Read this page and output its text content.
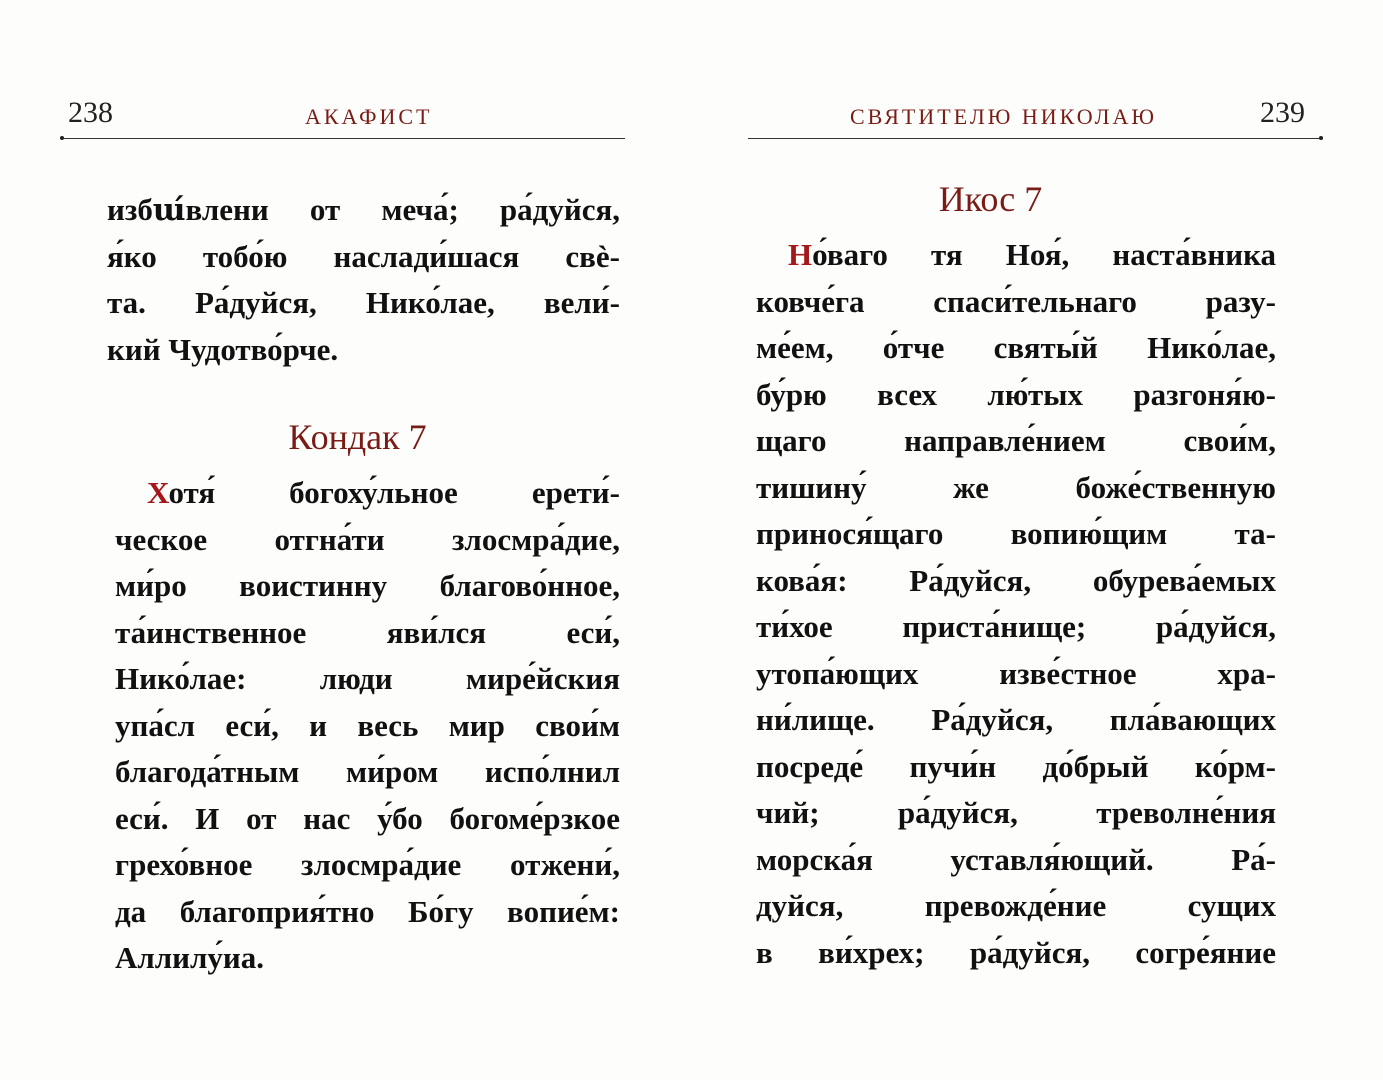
238	АКАФИСТ
избա́влени от меча́; ра́дуйся,
я́ко тобо́ю наслади́шася свѐ-
та. Ра́дуйся, Нико́лае, вели́-
кий Чудотво́рче.
Кондак 7
Хотя́ богоху́льное ерети́-
ческое отгна́ти злосмра́дие,
ми́ро воистинну благово́нное,
та́инственное яви́лся еси́,
Нико́лае: люди мире́йския
упа́сл еси́, и весь мир свои́м
благода́тным ми́ром испо́лнил
еси́. И от нас у́бо богоме́рзкое
грехо́вное злосмра́дие отжени́,
да благоприя́тно Бо́гу вопие́м:
Аллилу́иа.
СВЯТИТЕЛЮ НИКОЛАЮ	239
Икос 7
Но́ваго тя Ноя́, наста́вника
ковче́га спаси́тельнаго разу-
ме́ем, о́тче святы́й Нико́лае,
бу́рю всех лю́тых разгоня́ю-
щаго направле́нием свои́м,
тишину́ же боже́ственную
принося́щаго вопию́щим та-
кова́я: Ра́дуйся, обурева́емых
ти́хое приста́нище; ра́дуйся,
утопа́ющих изве́стное хра-
ни́лище. Ра́дуйся, пла́вающих
посреде́ пучи́н до́брый ко́рм-
чий; ра́дуйся, треволне́ния
морска́я уставля́ющий. Ра́-
дуйся, превожде́ние сущих
в ви́хрех; ра́дуйся, согре́яние
